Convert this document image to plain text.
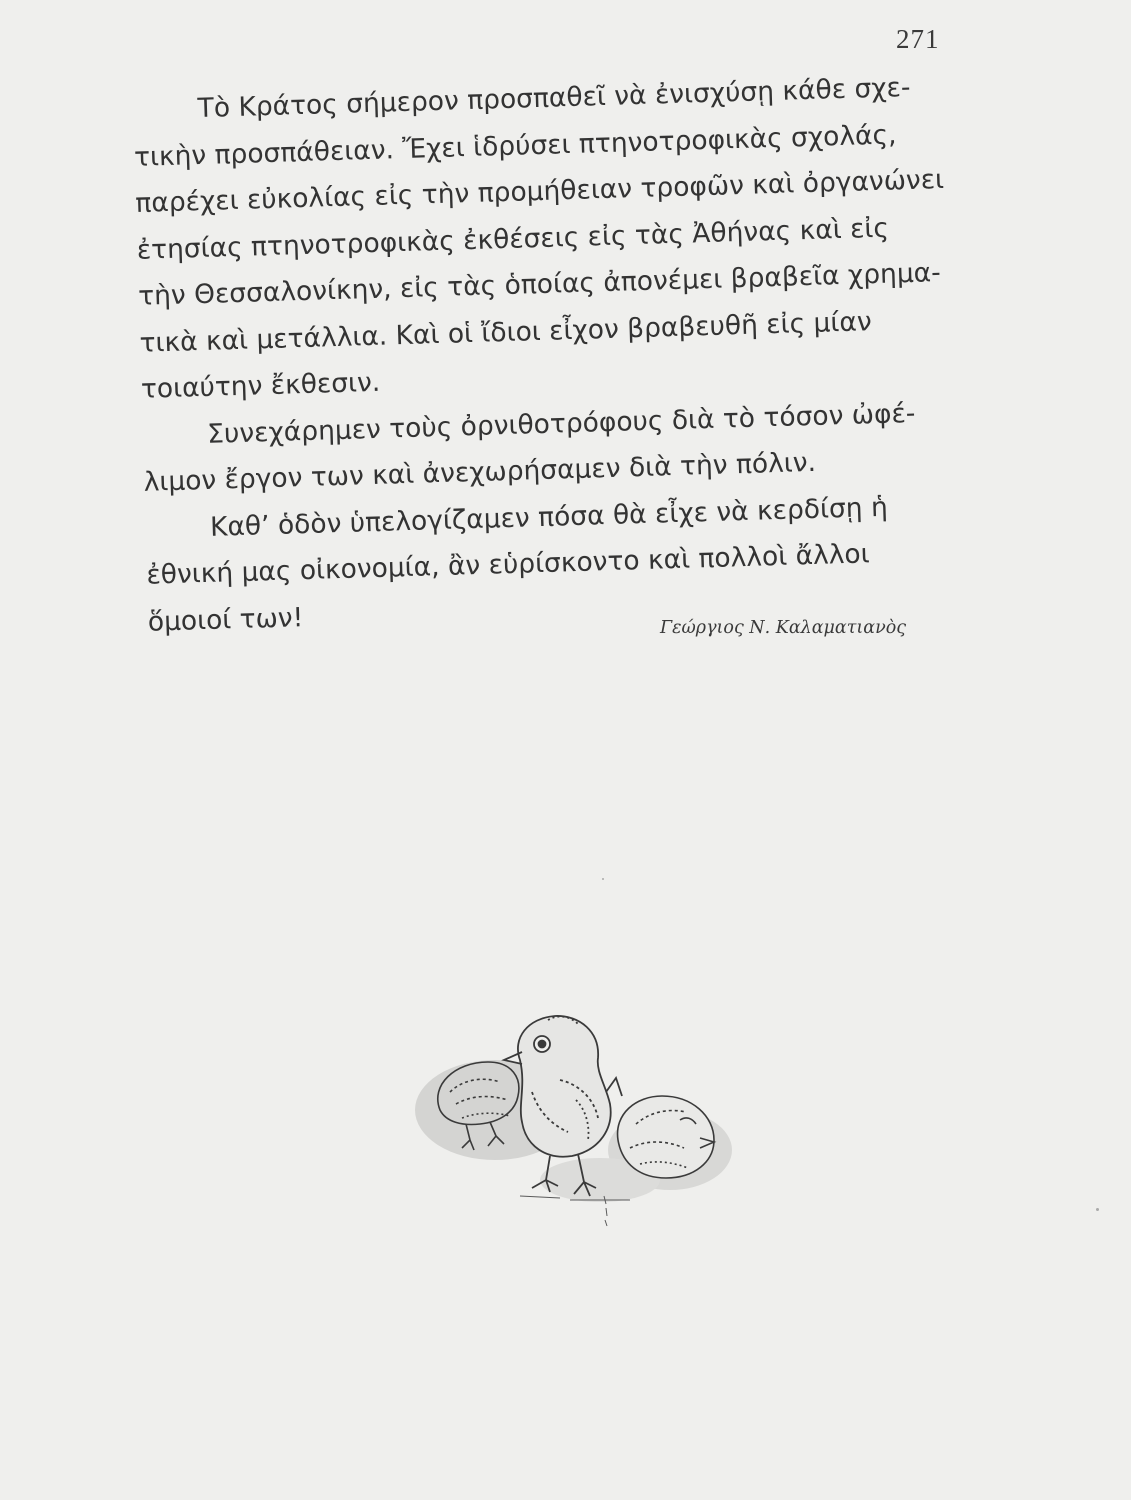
271
Τὸ Κράτος σήμερον προσπαθεῖ νὰ ἐνισχύσῃ κάθε σχε-
τικὴν προσπάθειαν. Ἔχει ἱδρύσει πτηνοτροφικὰς σχολάς,
παρέχει εὐκολίας εἰς τὴν προμήθειαν τροφῶν καὶ ὀργανώνει
ἐτησίας πτηνοτροφικὰς ἐκθέσεις εἰς τὰς Ἀθήνας καὶ εἰς
τὴν Θεσσαλονίκην, εἰς τὰς ὁποίας ἀπονέμει βραβεῖα χρημα-
τικὰ καὶ μετάλλια. Καὶ οἱ ἴδιοι εἶχον βραβευθῆ εἰς μίαν
τοιαύτην ἔκθεσιν.
Συνεχάρημεν τοὺς ὀρνιθοτρόφους διὰ τὸ τόσον ὠφέ-
λιμον ἔργον των καὶ ἀνεχωρήσαμεν διὰ τὴν πόλιν.
Καθ’ ὁδὸν ὑπελογίζαμεν πόσα θὰ εἶχε νὰ κερδίσῃ ἡ
ἐθνική μας οἰκονομία, ἂν εὑρίσκοντο καὶ πολλοὶ ἄλλοι
ὅμοιοί των!	Γεώργιος Ν. Καλαματιανὸς
